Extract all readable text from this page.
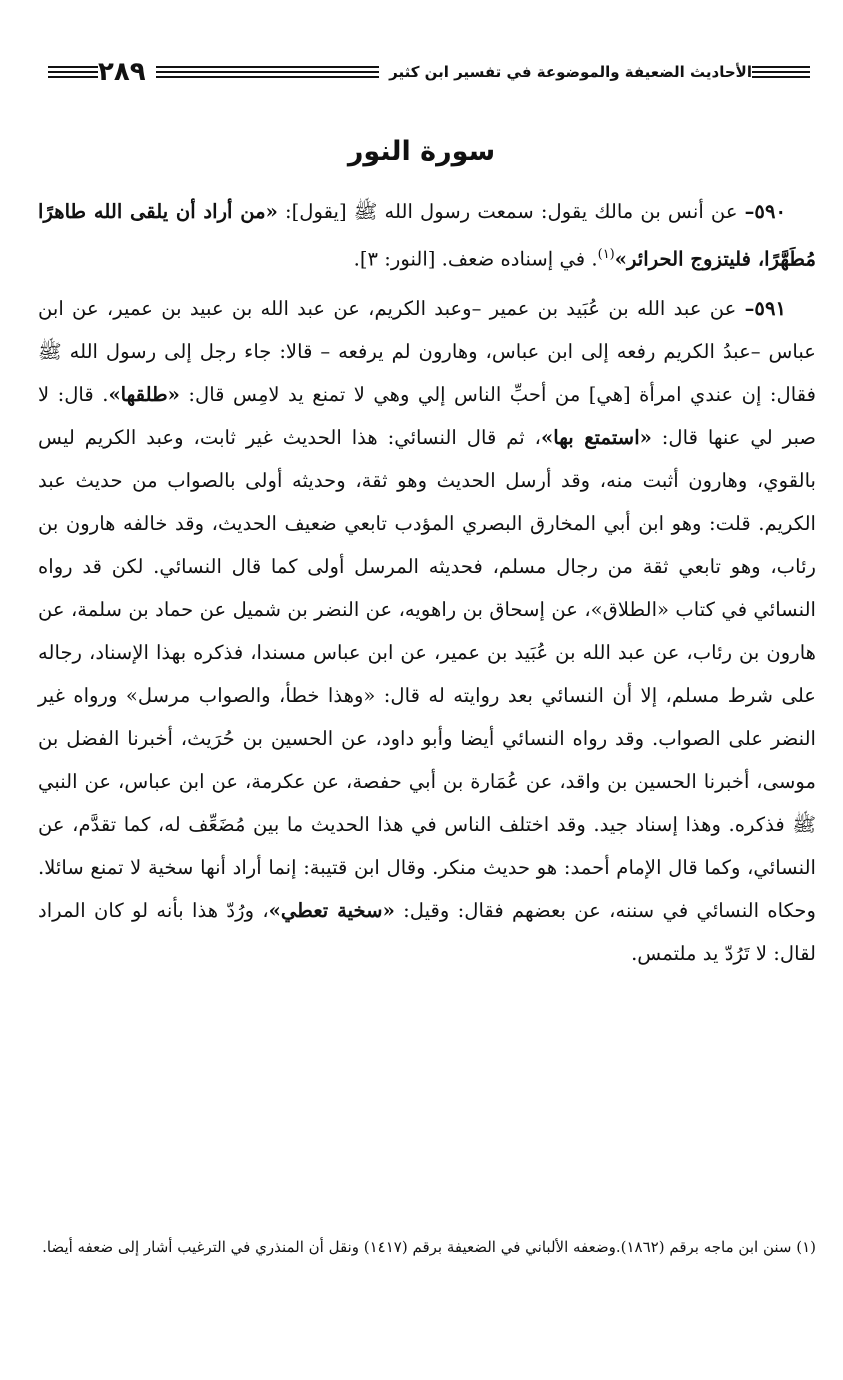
الأحاديث الضعيفة والموضوعة في تفسير ابن كثير
٢٨٩
سورة النور

٥٩٠– عن أنس بن مالك يقول: سمعت رسول الله ﷺ [يقول]: «من أراد أن يلقى الله طاهرًا مُطَهَّرًا، فليتزوج الحرائر»$^{(١)}$. في إسناده ضعف. [النور: ٣].

٥٩١– عن عبد الله بن عُبَيد بن عمير –وعبد الكريم، عن عبد الله بن عبيد بن عمير، عن ابن عباس –عبدُ الكريم رفعه إلى ابن عباس، وهارون لم يرفعه – قالا: جاء رجل إلى رسول الله ﷺ فقال: إن عندي امرأة [هي] من أحبِّ الناس إلي وهي لا تمنع يد لامِس قال: «طلقها». قال: لا صبر لي عنها قال: «استمتع بها»، ثم قال النسائي: هذا الحديث غير ثابت، وعبد الكريم ليس بالقوي، وهارون أثبت منه، وقد أرسل الحديث وهو ثقة، وحديثه أولى بالصواب من حديث عبد الكريم. قلت: وهو ابن أبي المخارق البصري المؤدب تابعي ضعيف الحديث، وقد خالفه هارون بن رئاب، وهو تابعي ثقة من رجال مسلم، فحديثه المرسل أولى كما قال النسائي. لكن قد رواه النسائي في كتاب «الطلاق»، عن إسحاق بن راهويه، عن النضر بن شميل عن حماد بن سلمة، عن هارون بن رئاب، عن عبد الله بن عُبَيد بن عمير، عن ابن عباس مسندا، فذكره بهذا الإسناد، رجاله على شرط مسلم، إلا أن النسائي بعد روايته له قال: «وهذا خطأ، والصواب مرسل» ورواه غير النضر على الصواب. وقد رواه النسائي أيضا وأبو داود، عن الحسين بن حُرَيث، أخبرنا الفضل بن موسى، أخبرنا الحسين بن واقد، عن عُمَارة بن أبي حفصة، عن عكرمة، عن ابن عباس، عن النبي ﷺ فذكره. وهذا إسناد جيد. وقد اختلف الناس في هذا الحديث ما بين مُضَعِّف له، كما تقدَّم، عن النسائي، وكما قال الإمام أحمد: هو حديث منكر. وقال ابن قتيبة: إنما أراد أنها سخية لا تمنع سائلا. وحكاه النسائي في سننه، عن بعضهم فقال: وقيل: «سخية تعطي»، ورُدّ هذا بأنه لو كان المراد لقال: لا تَرُدّ يد ملتمس.

(١) سنن ابن ماجه برقم (١٨٦٢).وضعفه الألباني في الضعيفة برقم (١٤١٧) ونقل أن المنذري في الترغيب أشار إلى ضعفه أيضا.
